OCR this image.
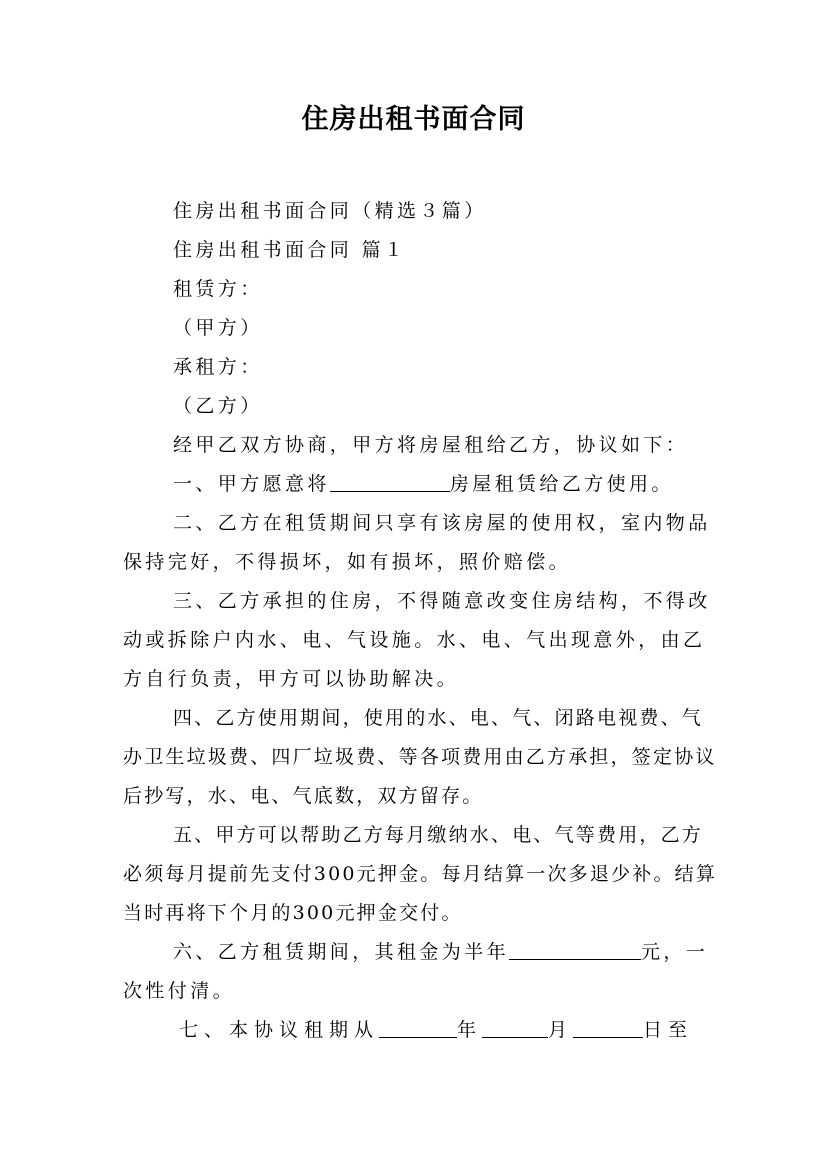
住房出租书面合同

住房出租书面合同（精选３篇）

住房出租书面合同 篇１

租赁方：

（甲方）

承租方：

（乙方）

经甲乙双方协商，甲方将房屋租给乙方，协议如下：

一、甲方愿意将	房屋租赁给乙方使用。

二、乙方在租赁期间只享有该房屋的使用权，室内物品保持完好，不得损坏，如有损坏，照价赔偿。

三、乙方承担的住房，不得随意改变住房结构，不得改动或拆除户内水、电、气设施。水、电、气出现意外，由乙方自行负责，甲方可以协助解决。

四、乙方使用期间，使用的水、电、气、闭路电视费、气办卫生垃圾费、四厂垃圾费、等各项费用由乙方承担，签定协议后抄写，水、电、气底数，双方留存。

五、甲方可以帮助乙方每月缴纳水、电、气等费用，乙方必须每月提前先支付300元押金。每月结算一次多退少补。结算当时再将下个月的300元押金交付。

六、乙方租赁期间，其租金为半年	元，一次性付清。

七、本协议租期从	年	月	日至
